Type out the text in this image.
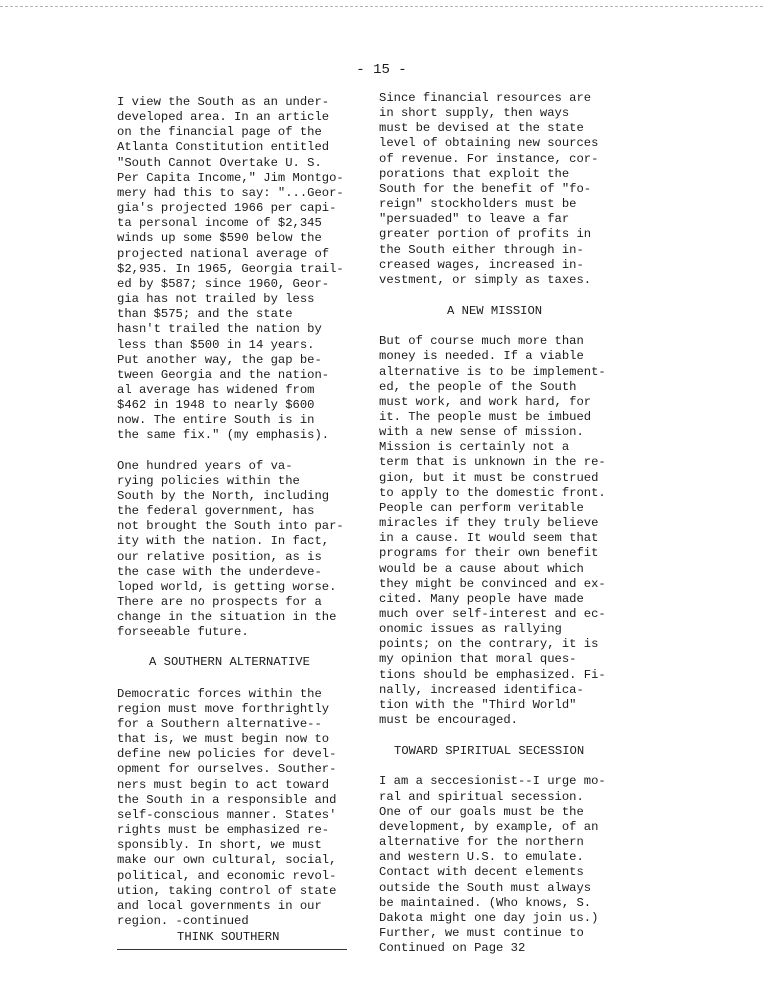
- 15 -

I view the South as an under-
developed area. In an article
on the financial page of the
Atlanta Constitution entitled
"South Cannot Overtake U. S.
Per Capita Income," Jim Montgo-
mery had this to say: "...Geor-
gia's projected 1966 per capi-
ta personal income of $2,345
winds up some $590 below the
projected national average of
$2,935. In 1965, Georgia trail-
ed by $587; since 1960, Geor-
gia has not trailed by less
than $575; and the state
hasn't trailed the nation by
less than $500 in 14 years.
Put another way, the gap be-
tween Georgia and the nation-
al average has widened from
$462 in 1948 to nearly $600
now. The entire South is in
the same fix." (my emphasis).

One hundred years of va-
rying policies within the
South by the North, including
the federal government, has
not brought the South into par-
ity with the nation. In fact,
our relative position, as is
the case with the underdeve-
loped world, is getting worse.
There are no prospects for a
change in the situation in the
forseeable future.

A SOUTHERN ALTERNATIVE

Democratic forces within the
region must move forthrightly
for a Southern alternative--
that is, we must begin now to
define new policies for devel-
opment for ourselves. Souther-
ners must begin to act toward
the South in a responsible and
self-conscious manner. States'
rights must be emphasized re-
sponsibly. In short, we must
make our own cultural, social,
political, and economic revol-
ution, taking control of state
and local governments in our
region. -continued

THINK SOUTHERN

Since financial resources are
in short supply, then ways
must be devised at the state
level of obtaining new sources
of revenue. For instance, cor-
porations that exploit the
South for the benefit of "fo-
reign" stockholders must be
"persuaded" to leave a far
greater portion of profits in
the South either through in-
creased wages, increased in-
vestment, or simply as taxes.

A NEW MISSION

But of course much more than
money is needed. If a viable
alternative is to be implement-
ed, the people of the South
must work, and work hard, for
it. The people must be imbued
with a new sense of mission.
Mission is certainly not a
term that is unknown in the re-
gion, but it must be construed
to apply to the domestic front.
People can perform veritable
miracles if they truly believe
in a cause. It would seem that
programs for their own benefit
would be a cause about which
they might be convinced and ex-
cited. Many people have made
much over self-interest and ec-
onomic issues as rallying
points; on the contrary, it is
my opinion that moral ques-
tions should be emphasized. Fi-
nally, increased identifica-
tion with the "Third World"
must be encouraged.

TOWARD SPIRITUAL SECESSION

I am a seccesionist--I urge mo-
ral and spiritual secession.
One of our goals must be the
development, by example, of an
alternative for the northern
and western U.S. to emulate.
Contact with decent elements
outside the South must always
be maintained. (Who knows, S.
Dakota might one day join us.)
Further, we must continue to
Continued on Page 32
